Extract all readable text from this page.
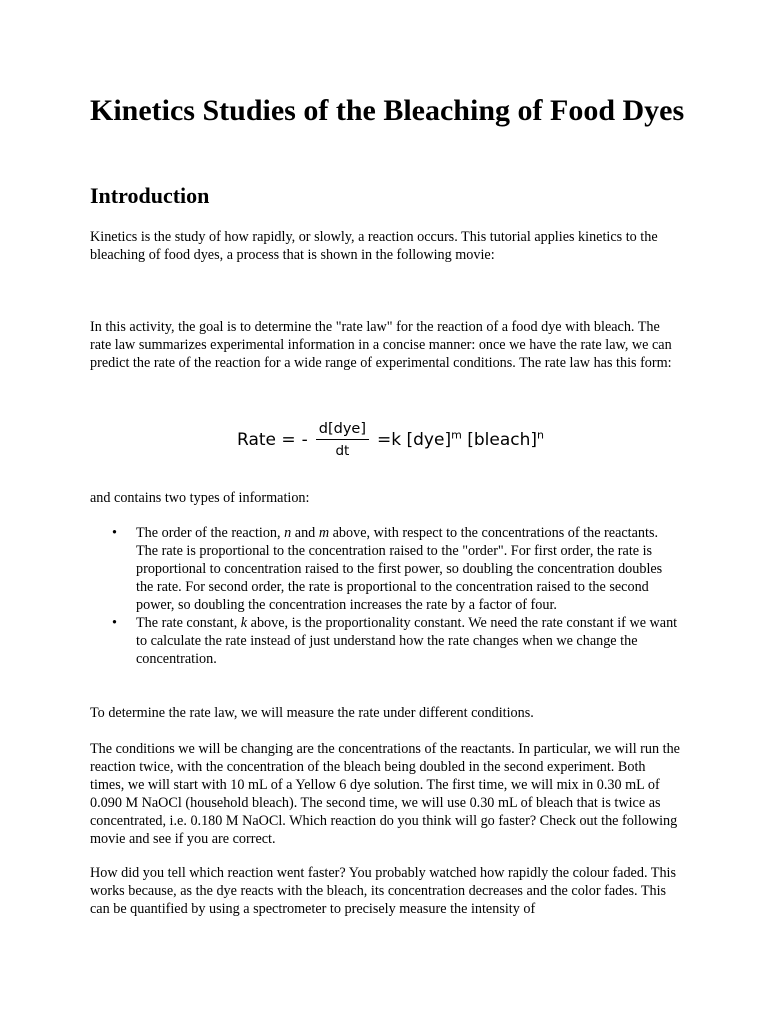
Kinetics Studies of the Bleaching of Food Dyes
Introduction

Kinetics is the study of how rapidly, or slowly, a reaction occurs. This tutorial applies kinetics to the bleaching of food dyes, a process that is shown in the following movie:

In this activity, the goal is to determine the "rate law" for the reaction of a food dye with bleach. The rate law summarizes experimental information in a concise manner: once we have the rate law, we can predict the rate of the reaction for a wide range of experimental conditions. The rate law has this form:

Rate = - $\frac{\text{d[dye]}}{dt} =k$ [dye]$^m$ [bleach]$^n$

and contains two types of information:

• The order of the reaction, n and m above, with respect to the concentrations of the reactants. The rate is proportional to the concentration raised to the "order". For first order, the rate is proportional to concentration raised to the first power, so doubling the concentration doubles the rate. For second order, the rate is proportional to the concentration raised to the second power, so doubling the concentration increases the rate by a factor of four.
• The rate constant, k above, is the proportionality constant. We need the rate constant if we want to calculate the rate instead of just understand how the rate changes when we change the concentration.

To determine the rate law, we will measure the rate under different conditions.

The conditions we will be changing are the concentrations of the reactants. In particular, we will run the reaction twice, with the concentration of the bleach being doubled in the second experiment. Both times, we will start with 10 mL of a Yellow 6 dye solution. The first time, we will mix in 0.30 mL of 0.090 M NaOCl (household bleach). The second time, we will use 0.30 mL of bleach that is twice as concentrated, i.e. 0.180 M NaOCl. Which reaction do you think will go faster? Check out the following movie and see if you are correct.

How did you tell which reaction went faster? You probably watched how rapidly the colour faded. This works because, as the dye reacts with the bleach, its concentration decreases and the color fades. This can be quantified by using a spectrometer to precisely measure the intensity of
